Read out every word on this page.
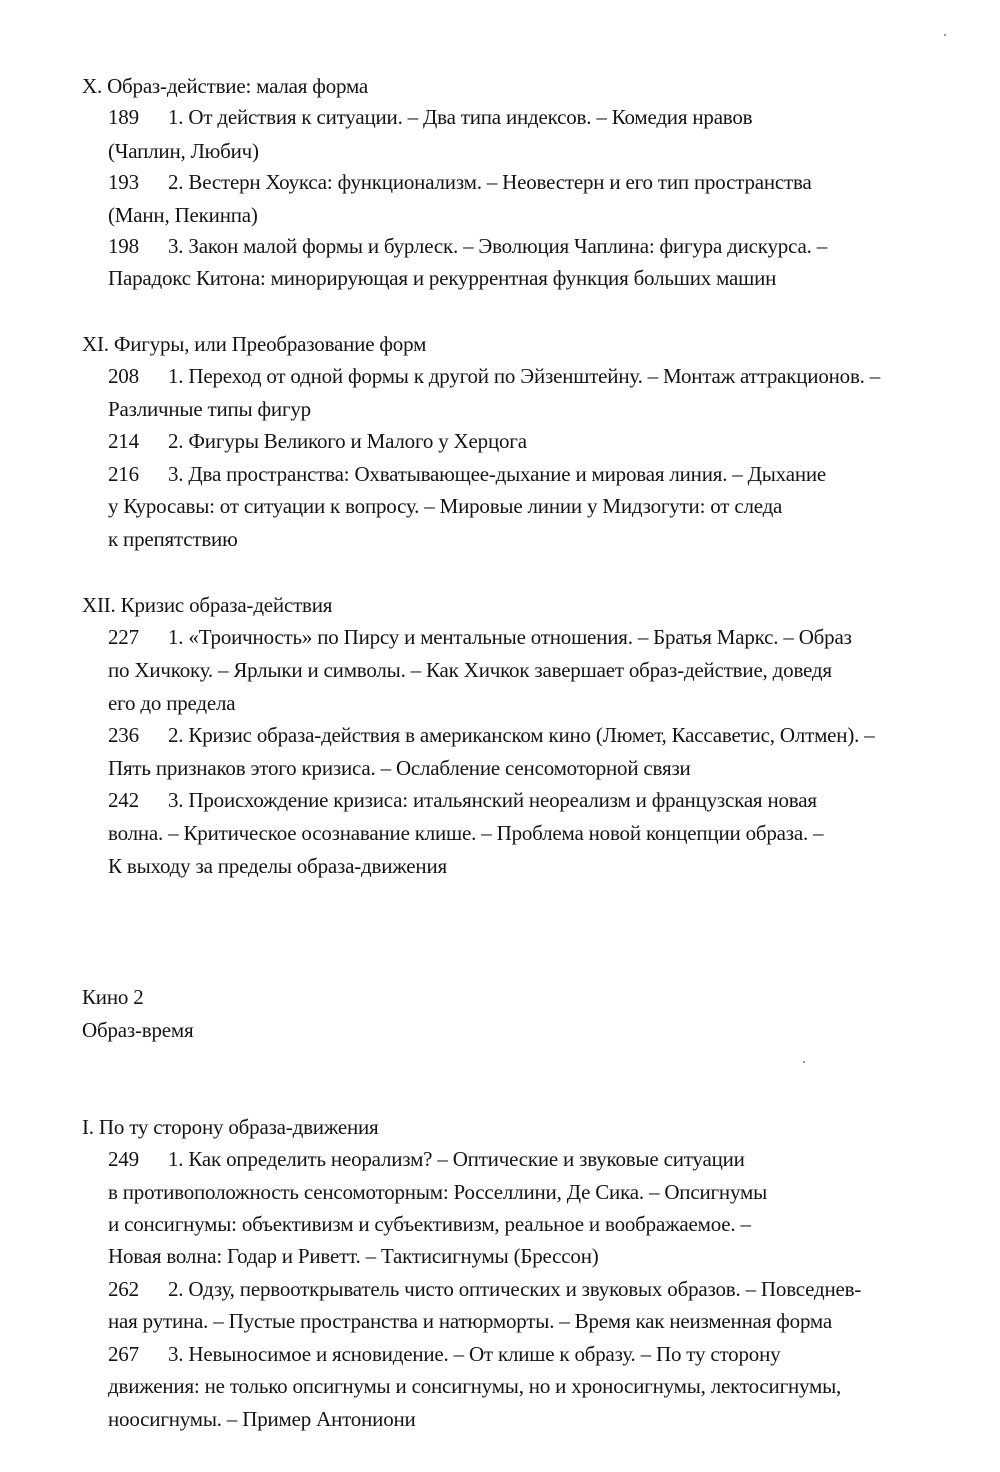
X. Образ-действие: малая форма
189 1. От действия к ситуации. – Два типа индексов. – Комедия нравов
(Чаплин, Любич)
193 2. Вестерн Хоукса: функционализм. – Неовестерн и его тип пространства
(Манн, Пекинпа)
198 3. Закон малой формы и бурлеск. – Эволюция Чаплина: фигура дискурса. –
Парадокс Китона: минорирующая и рекуррентная функция больших машин
XI. Фигуры, или Преобразование форм
208 1. Переход от одной формы к другой по Эйзенштейну. – Монтаж аттракционов. –
Различные типы фигур
214 2. Фигуры Великого и Малого у Херцога
216 3. Два пространства: Охватывающее-дыхание и мировая линия. – Дыхание
у Куросавы: от ситуации к вопросу. – Мировые линии у Мидзогути: от следа
к препятствию
XII. Кризис образа-действия
227 1. «Троичность» по Пирсу и ментальные отношения. – Братья Маркс. – Образ
по Хичкоку. – Ярлыки и символы. – Как Хичкок завершает образ-действие, доведя
его до предела
236 2. Кризис образа-действия в американском кино (Люмет, Кассаветис, Олтмен). –
Пять признаков этого кризиса. – Ослабление сенсомоторной связи
242 3. Происхождение кризиса: итальянский неореализм и французская новая
волна. – Критическое осознавание клише. – Проблема новой концепции образа. –
К выходу за пределы образа-движения
Кино 2
Образ-время
I. По ту сторону образа-движения
249 1. Как определить неорализм? – Оптические и звуковые ситуации
в противоположность сенсомоторным: Росселлини, Де Сика. – Опсигнумы
и сонсигнумы: объективизм и субъективизм, реальное и воображаемое. –
Новая волна: Годар и Риветт. – Тактисигнумы (Брессон)
262 2. Одзу, первооткрыватель чисто оптических и звуковых образов. – Повседнев-
ная рутина. – Пустые пространства и натюрморты. – Время как неизменная форма
267 3. Невыносимое и ясновидение. – От клише к образу. – По ту сторону
движения: не только опсигнумы и сонсигнумы, но и хроносигнумы, лектосигнумы,
ноосигнумы. – Пример Антониони
